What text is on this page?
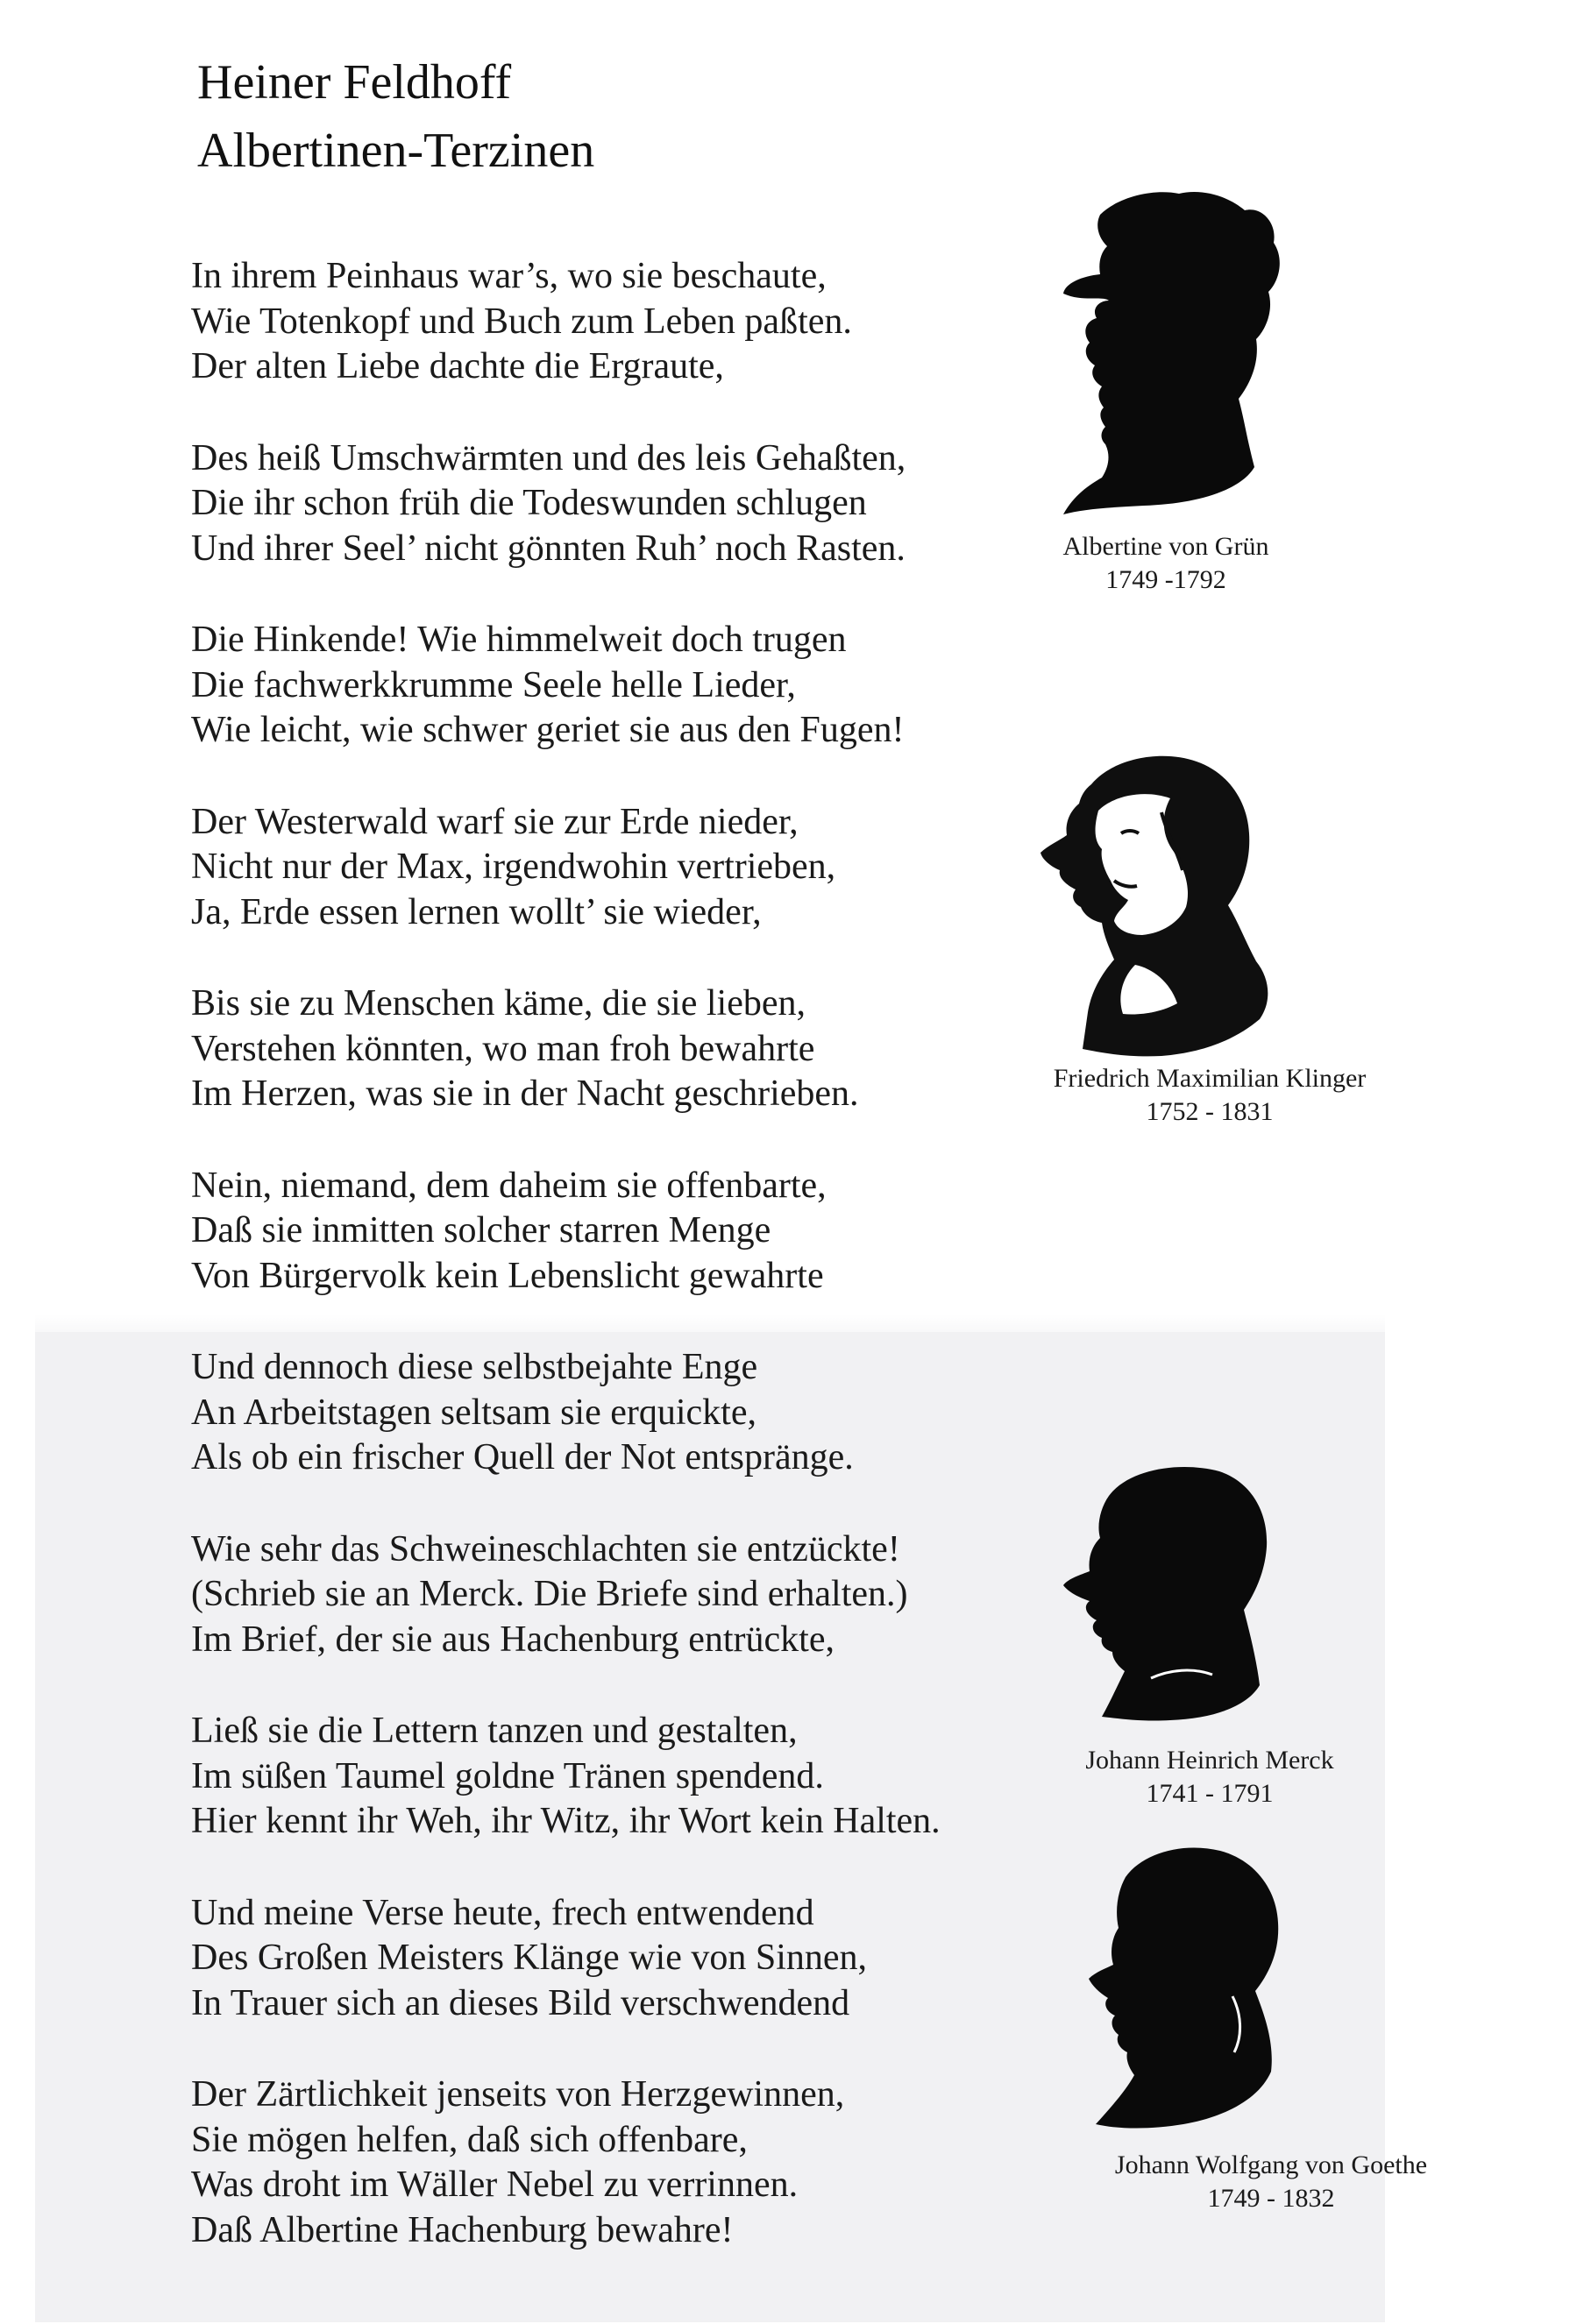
Heiner Feldhoff
Albertinen-Terzinen
In ihrem Peinhaus war’s, wo sie beschaute,
Wie Totenkopf und Buch zum Leben paßten.
Der alten Liebe dachte die Ergraute,
Des heiß Umschwärmten und des leis Gehaßten,
Die ihr schon früh die Todeswunden schlugen
Und ihrer Seel’ nicht gönnten Ruh’ noch Rasten.
Die Hinkende! Wie himmelweit doch trugen
Die fachwerkkrumme Seele helle Lieder,
Wie leicht, wie schwer geriet sie aus den Fugen!
Der Westerwald warf sie zur Erde nieder,
Nicht nur der Max, irgendwohin vertrieben,
Ja, Erde essen lernen wollt’ sie wieder,
Bis sie zu Menschen käme, die sie lieben,
Verstehen könnten, wo man froh bewahrte
Im Herzen, was sie in der Nacht geschrieben.
Nein, niemand, dem daheim sie offenbarte,
Daß sie inmitten solcher starren Menge
Von Bürgervolk kein Lebenslicht gewahrte
Und dennoch diese selbstbejahte Enge
An Arbeitstagen seltsam sie erquickte,
Als ob ein frischer Quell der Not entspränge.
Wie sehr das Schweineschlachten sie entzückte!
(Schrieb sie an Merck. Die Briefe sind erhalten.)
Im Brief, der sie aus Hachenburg entrückte,
Ließ sie die Lettern tanzen und gestalten,
Im süßen Taumel goldne Tränen spendend.
Hier kennt ihr Weh, ihr Witz, ihr Wort kein Halten.
Und meine Verse heute, frech entwendend
Des Großen Meisters Klänge wie von Sinnen,
In Trauer sich an dieses Bild verschwendend
Der Zärtlichkeit jenseits von Herzgewinnen,
Sie mögen helfen, daß sich offenbare,
Was droht im Wäller Nebel zu verrinnen.
Daß Albertine Hachenburg bewahre!
Albertine von Grün
1749 -1792
Friedrich Maximilian Klinger
1752 - 1831
Johann Heinrich Merck
1741 - 1791
Johann Wolfgang von Goethe
1749 - 1832
